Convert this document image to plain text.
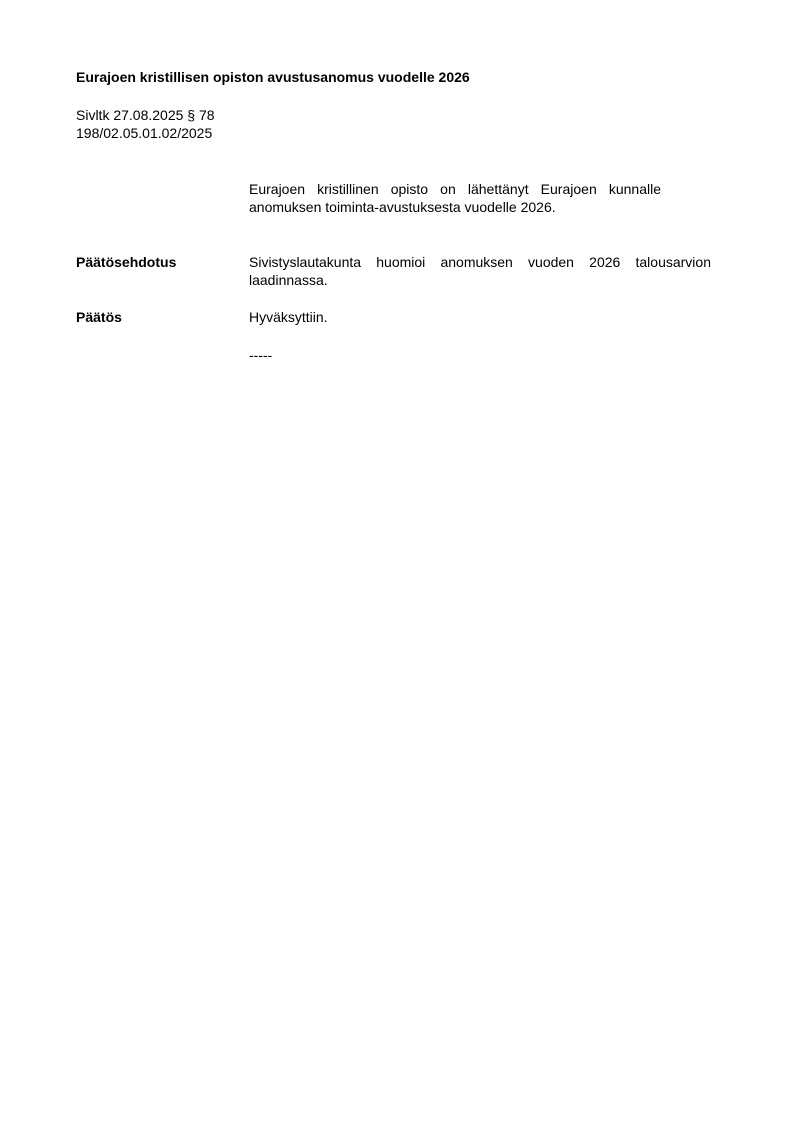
Eurajoen kristillisen opiston avustusanomus vuodelle 2026
Sivltk 27.08.2025 § 78
198/02.05.01.02/2025
Eurajoen kristillinen opisto on lähettänyt Eurajoen kunnalle anomuksen toiminta-avustuksesta vuodelle 2026.
Päätösehdotus	Sivistyslautakunta huomioi anomuksen vuoden 2026 talousarvion laadinnassa.
Päätös	Hyväksyttiin.
-----
